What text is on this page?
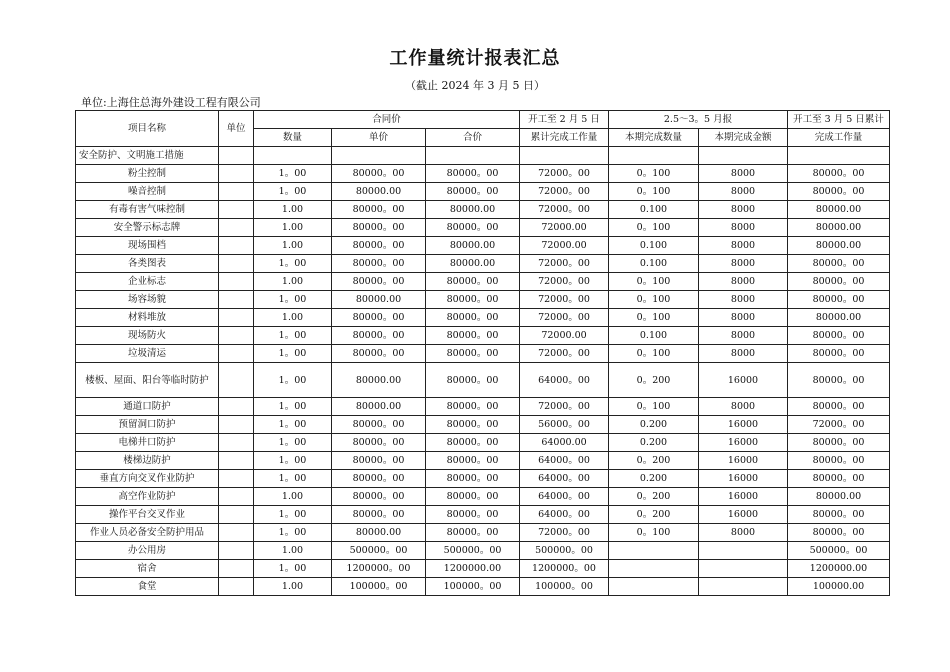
工作量统计报表汇总
（截止 2024 年 3 月 5 日）
单位:上海住总海外建设工程有限公司
项目名称	单位	合同价			开工至 2 月 5 日	2.5～3。5 月报		开工至 3 月 5 日累计
		数量	单价	合价	累计完成工作量	本期完成数量	本期完成金额	完成工作量
安全防护、文明施工措施								
粉尘控制		1。00	80000。00	80000。00	72000。00	0。100	8000	80000。00
噪音控制		1。00	80000.00	80000。00	72000。00	0。100	8000	80000。00
有毒有害气味控制		1.00	80000。00	80000.00	72000。00	0.100	8000	80000.00
安全警示标志牌		1.00	80000。00	80000。00	72000.00	0。100	8000	80000.00
现场围档		1.00	80000。00	80000.00	72000.00	0.100	8000	80000.00
各类图表		1。00	80000。00	80000.00	72000。00	0.100	8000	80000。00
企业标志		1.00	80000。00	80000。00	72000。00	0。100	8000	80000。00
场容场貌		1。00	80000.00	80000。00	72000。00	0。100	8000	80000。00
材料堆放		1.00	80000。00	80000。00	72000。00	0。100	8000	80000.00
现场防火		1。00	80000。00	80000。00	72000.00	0.100	8000	80000。00
垃圾清运		1。00	80000。00	80000。00	72000。00	0。100	8000	80000。00
楼板、屋面、阳台等临时防护		1。00	80000.00	80000。00	64000。00	0。200	16000	80000。00
通道口防护		1。00	80000.00	80000。00	72000。00	0。100	8000	80000。00
预留洞口防护		1。00	80000。00	80000。00	56000。00	0.200	16000	72000。00
电梯井口防护		1。00	80000。00	80000。00	64000.00	0.200	16000	80000。00
楼梯边防护		1。00	80000。00	80000。00	64000。00	0。200	16000	80000。00
垂直方向交叉作业防护		1。00	80000。00	80000。00	64000。00	0.200	16000	80000。00
高空作业防护		1.00	80000。00	80000。00	64000。00	0。200	16000	80000.00
操作平台交叉作业		1。00	80000。00	80000。00	64000。00	0。200	16000	80000。00
作业人员必备安全防护用品		1。00	80000.00	80000。00	72000。00	0。100	8000	80000。00
办公用房		1.00	500000。00	500000。00	500000。00			500000。00
宿舍		1。00	1200000。00	1200000.00	1200000。00			1200000.00
食堂		1.00	100000。00	100000。00	100000。00			100000.00
